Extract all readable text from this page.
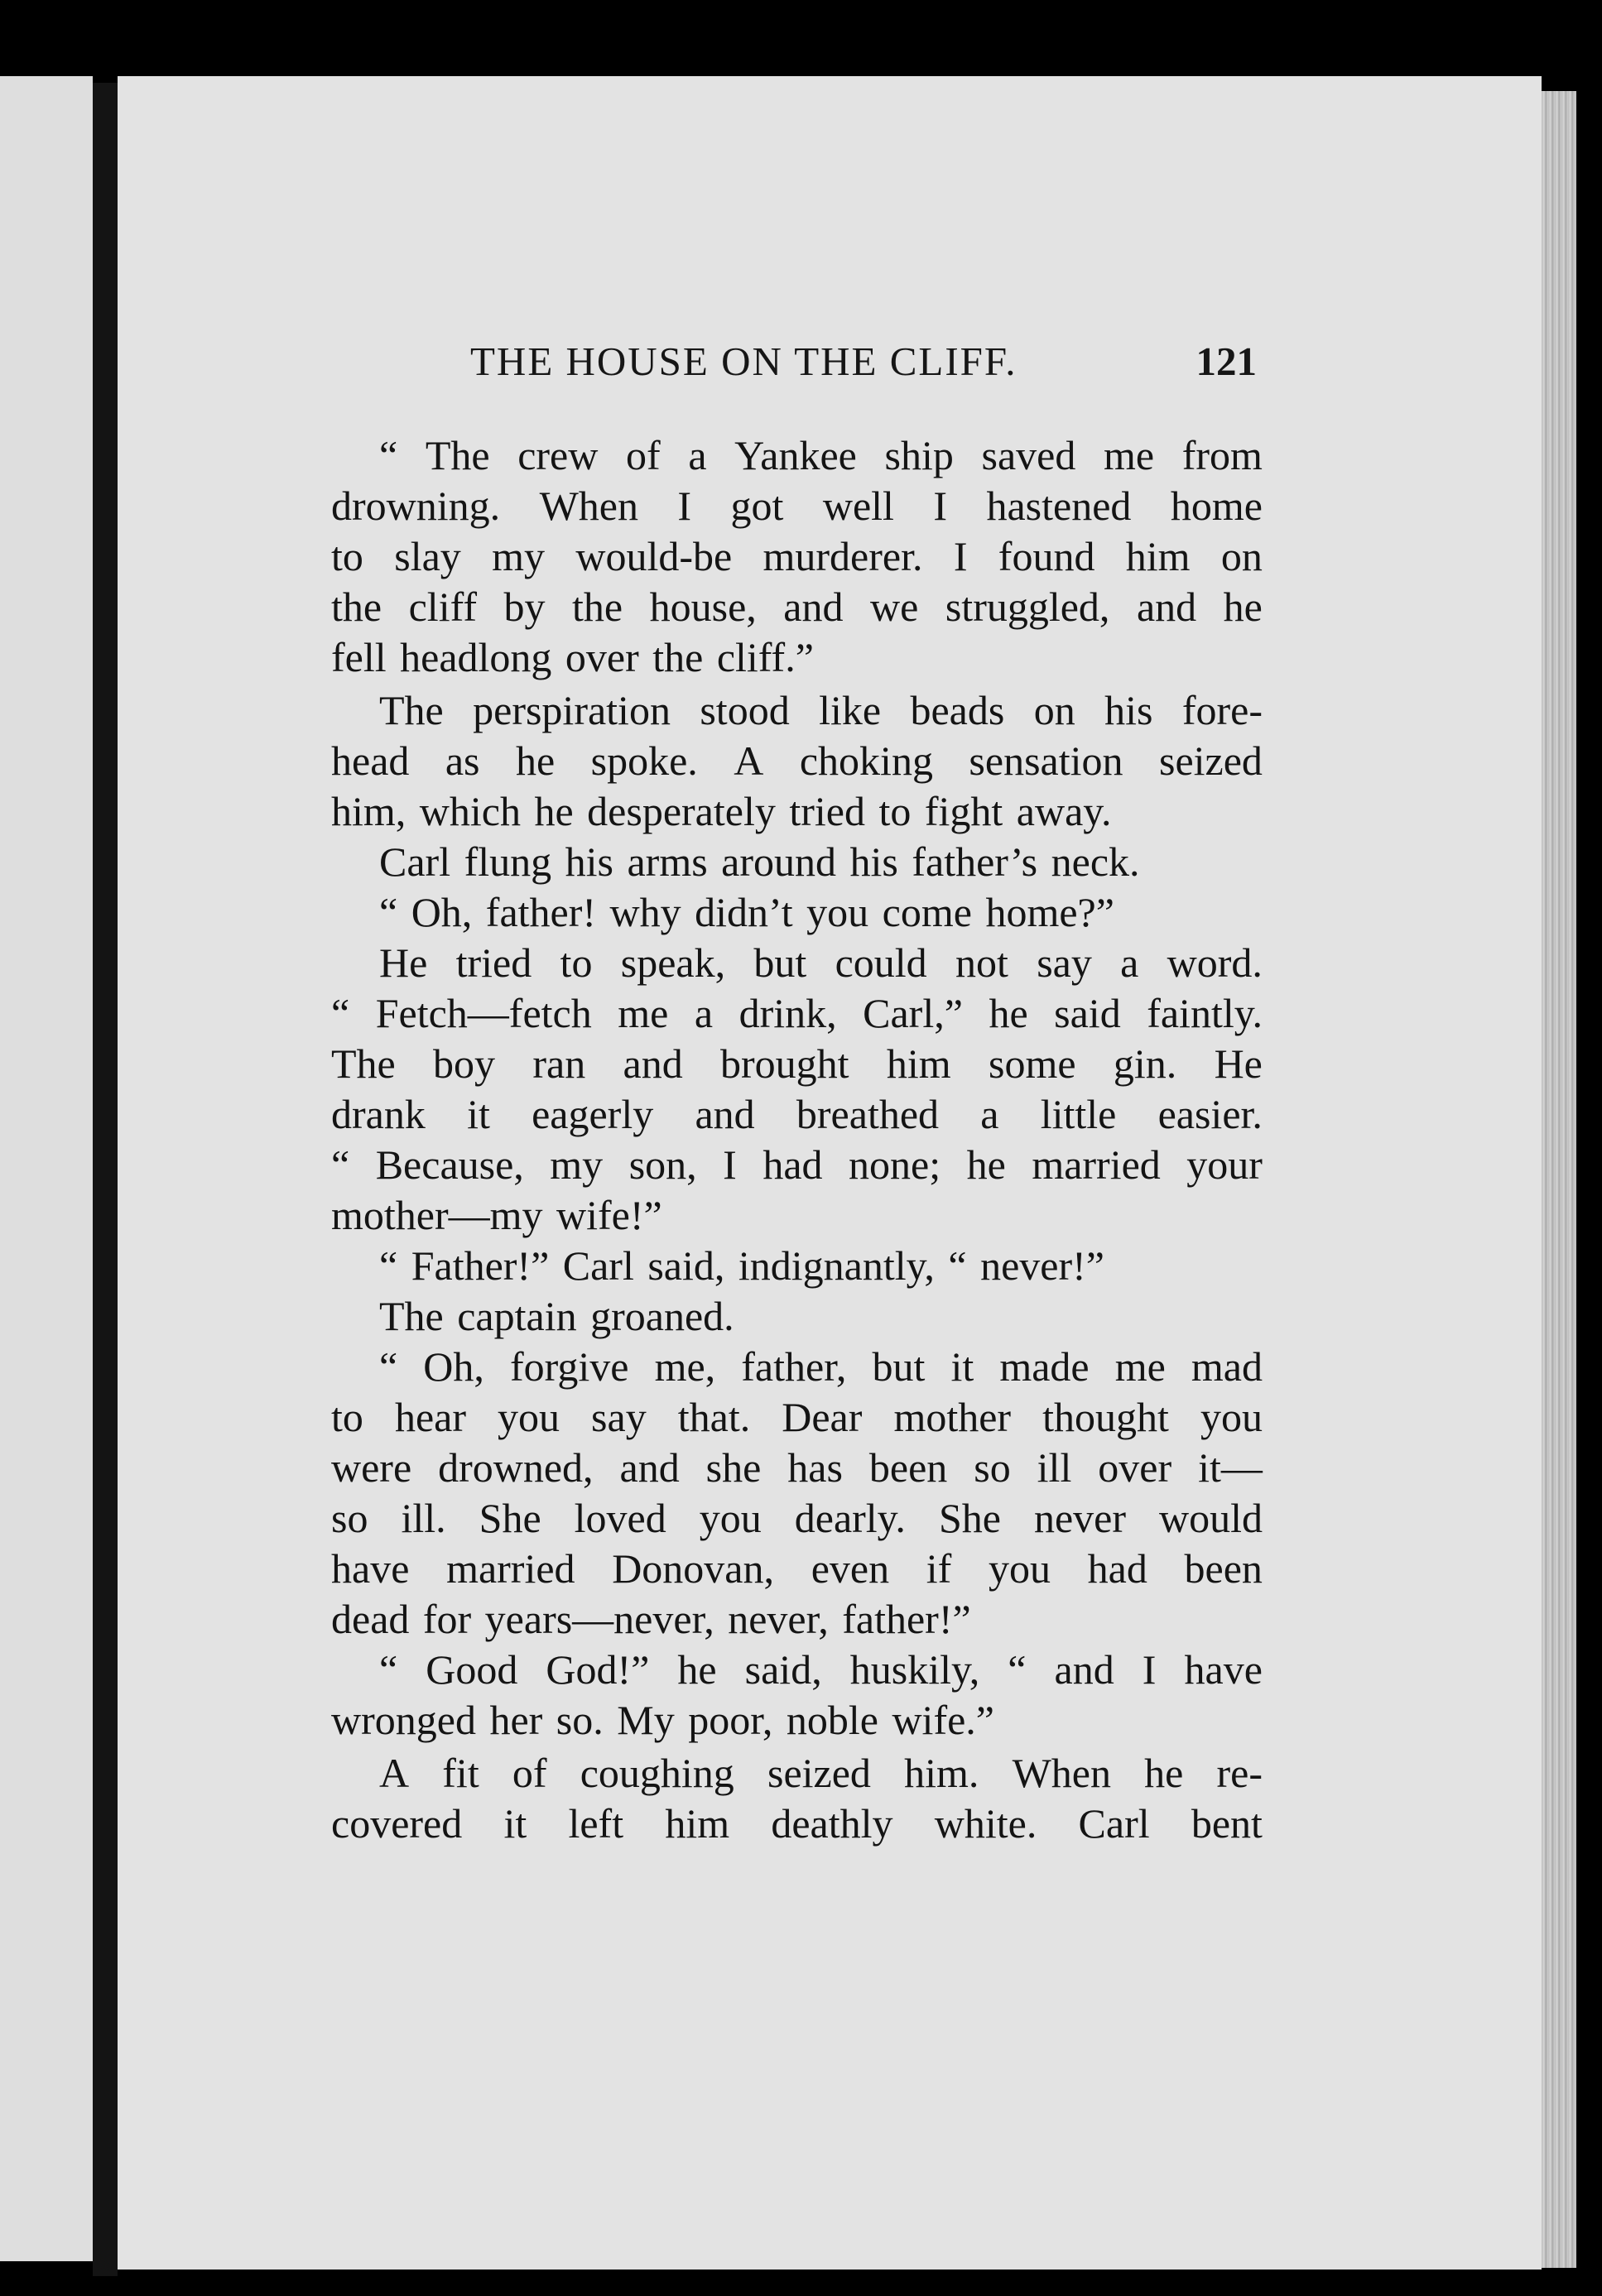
THE HOUSE ON THE CLIFF.	121
“ The crew of a Yankee ship saved me from
drowning. When I got well I hastened home
to slay my would-be murderer. I found him on
the cliff by the house, and we struggled, and he
fell headlong over the cliff.”
The perspiration stood like beads on his fore-
head as he spoke. A choking sensation seized
him, which he desperately tried to fight away.
Carl flung his arms around his father’s neck.
“ Oh, father! why didn’t you come home?”
He tried to speak, but could not say a word.
“ Fetch—fetch me a drink, Carl,” he said faintly.
The boy ran and brought him some gin. He
drank it eagerly and breathed a little easier.
“ Because, my son, I had none; he married your
mother—my wife!”
“ Father!” Carl said, indignantly, “ never!”
The captain groaned.
“ Oh, forgive me, father, but it made me mad
to hear you say that. Dear mother thought you
were drowned, and she has been so ill over it—
so ill. She loved you dearly. She never would
have married Donovan, even if you had been
dead for years—never, never, father!”
“ Good God!” he said, huskily, “ and I have
wronged her so. My poor, noble wife.”
A fit of coughing seized him. When he re-
covered it left him deathly white. Carl bent
